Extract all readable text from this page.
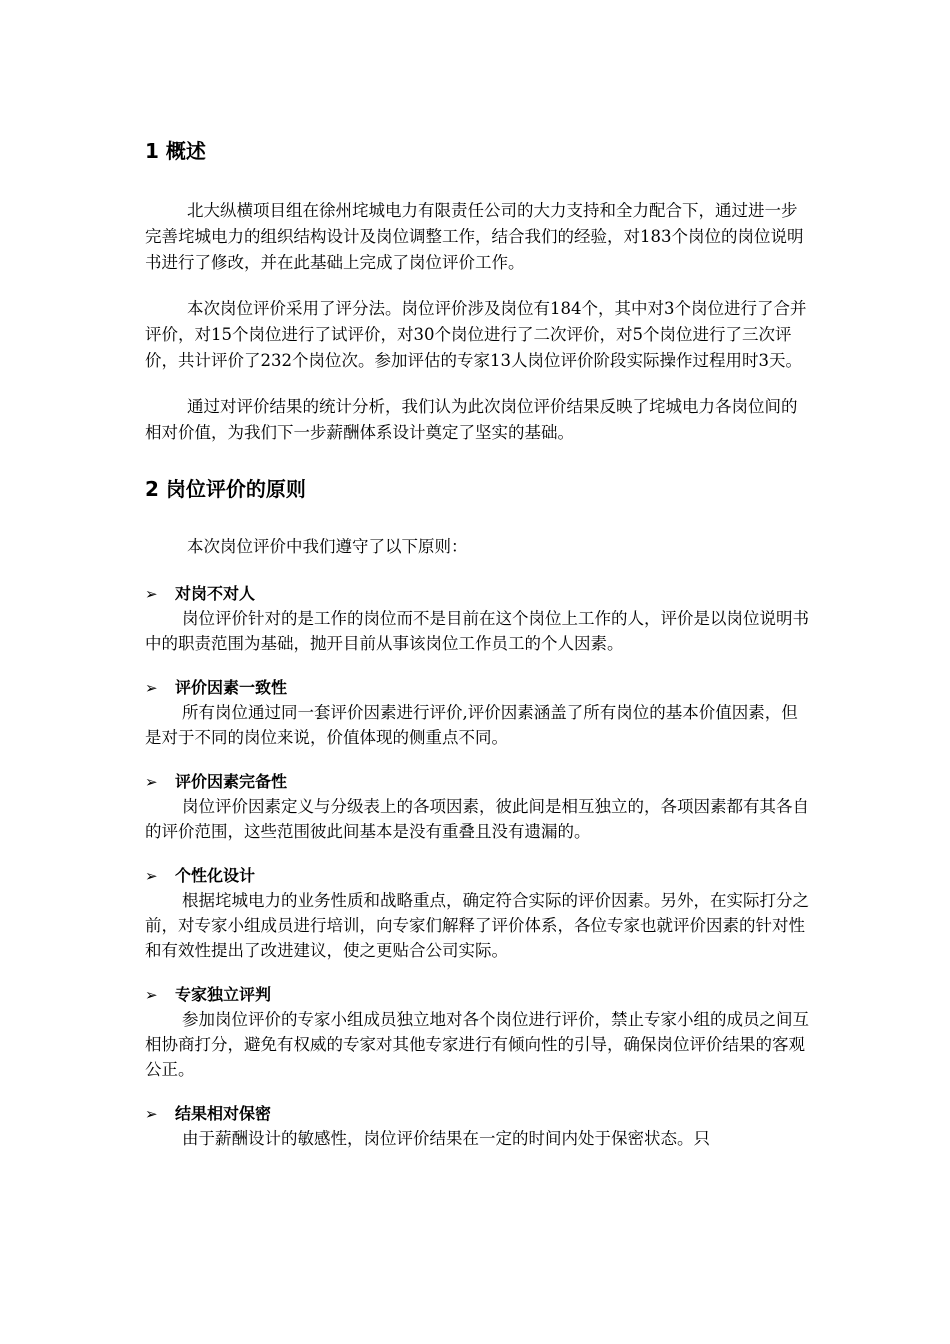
1 概述

北大纵横项目组在徐州垞城电力有限责任公司的大力支持和全力配合下，通过进一步完善垞城电力的组织结构设计及岗位调整工作，结合我们的经验，对183个岗位的岗位说明书进行了修改，并在此基础上完成了岗位评价工作。

本次岗位评价采用了评分法。岗位评价涉及岗位有184个，其中对3个岗位进行了合并评价，对15个岗位进行了试评价，对30个岗位进行了二次评价，对5个岗位进行了三次评价，共计评价了232个岗位次。参加评估的专家13人岗位评价阶段实际操作过程用时3天。

通过对评价结果的统计分析，我们认为此次岗位评价结果反映了垞城电力各岗位间的相对价值，为我们下一步薪酬体系设计奠定了坚实的基础。

2 岗位评价的原则

本次岗位评价中我们遵守了以下原则：

➢	对岗不对人

岗位评价针对的是工作的岗位而不是目前在这个岗位上工作的人，评价是以岗位说明书中的职责范围为基础，抛开目前从事该岗位工作员工的个人因素。

➢	评价因素一致性

所有岗位通过同一套评价因素进行评价,评价因素涵盖了所有岗位的基本价值因素，但是对于不同的岗位来说，价值体现的侧重点不同。

➢	评价因素完备性

岗位评价因素定义与分级表上的各项因素，彼此间是相互独立的，各项因素都有其各自的评价范围，这些范围彼此间基本是没有重叠且没有遗漏的。

➢	个性化设计

根据垞城电力的业务性质和战略重点，确定符合实际的评价因素。另外，在实际打分之前，对专家小组成员进行培训，向专家们解释了评价体系，各位专家也就评价因素的针对性和有效性提出了改进建议，使之更贴合公司实际。

➢	专家独立评判

参加岗位评价的专家小组成员独立地对各个岗位进行评价，禁止专家小组的成员之间互相协商打分，避免有权威的专家对其他专家进行有倾向性的引导，确保岗位评价结果的客观公正。

➢	结果相对保密

由于薪酬设计的敏感性，岗位评价结果在一定的时间内处于保密状态。只
